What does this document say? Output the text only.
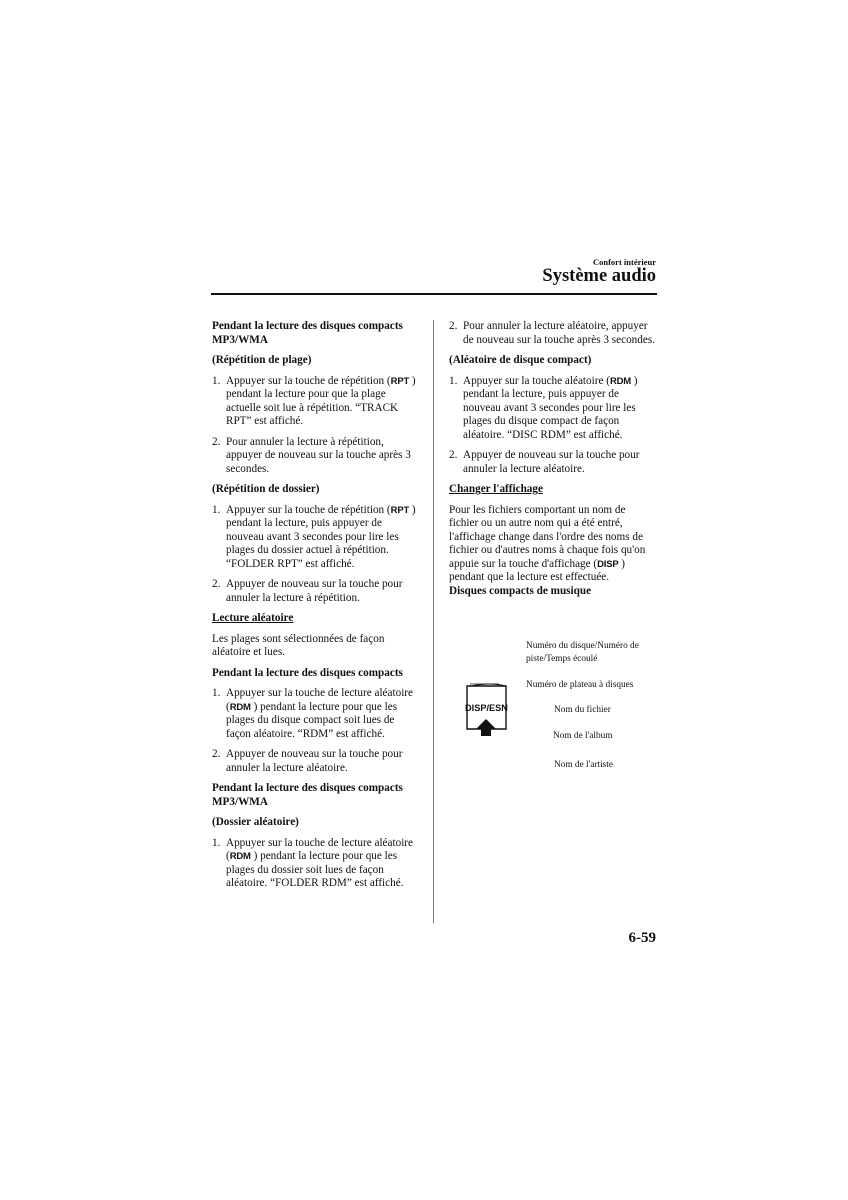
Confort intérieur
Système audio

Pendant la lecture des disques compacts MP3/WMA

(Répétition de plage)

1. Appuyer sur la touche de répétition (RPT ) pendant la lecture pour que la plage actuelle soit lue à répétition. “TRACK RPT” est affiché.
2. Pour annuler la lecture à répétition, appuyer de nouveau sur la touche après 3 secondes.

(Répétition de dossier)

1. Appuyer sur la touche de répétition (RPT ) pendant la lecture, puis appuyer de nouveau avant 3 secondes pour lire les plages du dossier actuel à répétition. “FOLDER RPT” est affiché.
2. Appuyer de nouveau sur la touche pour annuler la lecture à répétition.

Lecture aléatoire

Les plages sont sélectionnées de façon aléatoire et lues.

Pendant la lecture des disques compacts

1. Appuyer sur la touche de lecture aléatoire (RDM ) pendant la lecture pour que les plages du disque compact soit lues de façon aléatoire. “RDM” est affiché.
2. Appuyer de nouveau sur la touche pour annuler la lecture aléatoire.

Pendant la lecture des disques compacts MP3/WMA

(Dossier aléatoire)

1. Appuyer sur la touche de lecture aléatoire (RDM ) pendant la lecture pour que les plages du dossier soit lues de façon aléatoire. “FOLDER RDM” est affiché.
2. Pour annuler la lecture aléatoire, appuyer de nouveau sur la touche après 3 secondes.

(Aléatoire de disque compact)

1. Appuyer sur la touche aléatoire (RDM ) pendant la lecture, puis appuyer de nouveau avant 3 secondes pour lire les plages du disque compact de façon aléatoire. “DISC RDM” est affiché.
2. Appuyer de nouveau sur la touche pour annuler la lecture aléatoire.

Changer l'affichage

Pour les fichiers comportant un nom de fichier ou un autre nom qui a été entré, l'affichage change dans l'ordre des noms de fichier ou d'autres noms à chaque fois qu'on appuie sur la touche d'affichage (DISP ) pendant que la lecture est effectuée.

Disques compacts de musique

Numéro du disque/Numéro de piste/Temps écoulé
Numéro de plateau à disques
Nom du fichier
Nom de l'album
Nom de l'artiste
DISP/ESN
6-59
